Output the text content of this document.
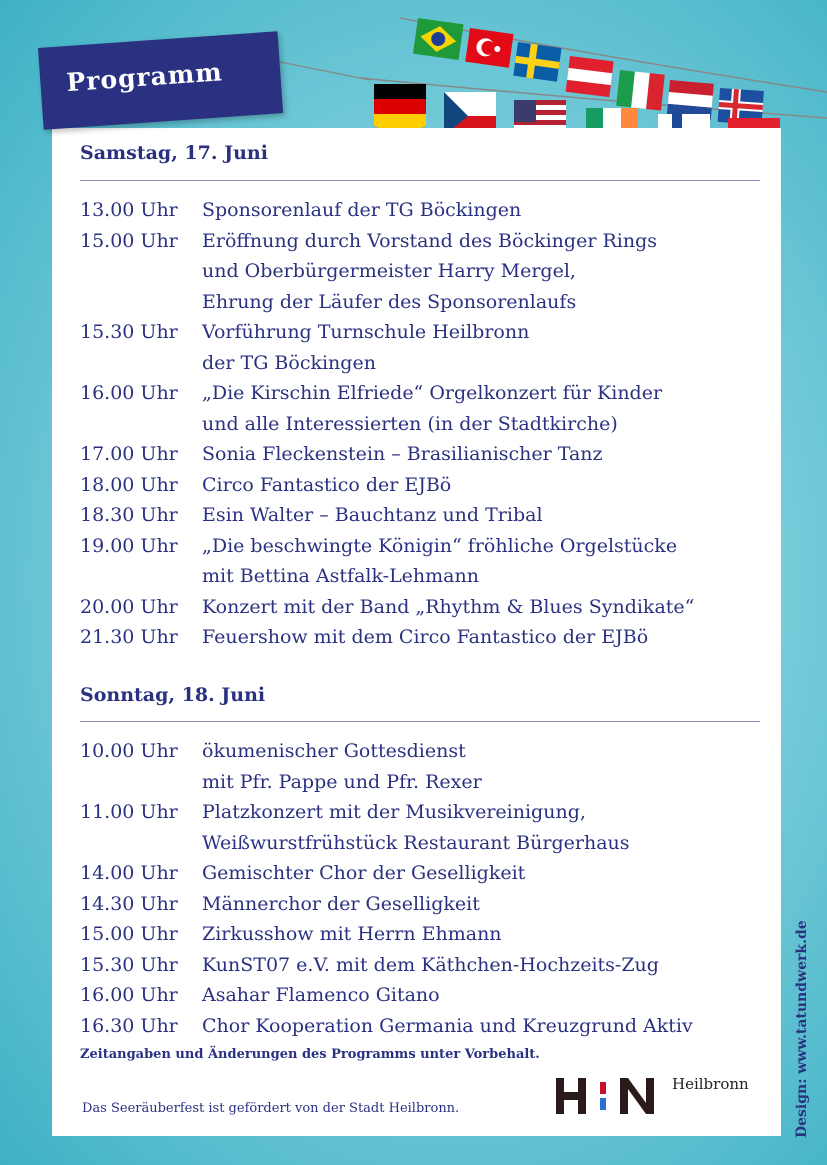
Programm
Samstag, 17. Juni
13.00 Uhr	Sponsorenlauf der TG Böckingen
15.00 Uhr	Eröffnung durch Vorstand des Böckinger Rings
und Oberbürgermeister Harry Mergel,
Ehrung der Läufer des Sponsorenlaufs
15.30 Uhr	Vorführung Turnschule Heilbronn
der TG Böckingen
16.00 Uhr	„Die Kirschin Elfriede“ Orgelkonzert für Kinder
und alle Interessierten (in der Stadtkirche)
17.00 Uhr	Sonia Fleckenstein – Brasilianischer Tanz
18.00 Uhr	Circo Fantastico der EJBö
18.30 Uhr	Esin Walter – Bauchtanz und Tribal
19.00 Uhr	„Die beschwingte Königin“ fröhliche Orgelstücke
mit Bettina Astfalk-Lehmann
20.00 Uhr	Konzert mit der Band „Rhythm & Blues Syndikate“
21.30 Uhr	Feuershow mit dem Circo Fantastico der EJBö
Sonntag, 18. Juni
10.00 Uhr	ökumenischer Gottesdienst
mit Pfr. Pappe und Pfr. Rexer
11.00 Uhr	Platzkonzert mit der Musikvereinigung,
Weißwurstfrühstück Restaurant Bürgerhaus
14.00 Uhr	Gemischter Chor der Geselligkeit
14.30 Uhr	Männerchor der Geselligkeit
15.00 Uhr	Zirkusshow mit Herrn Ehmann
15.30 Uhr	KunST07 e.V. mit dem Käthchen-Hochzeits-Zug
16.00 Uhr	Asahar Flamenco Gitano
16.30 Uhr	Chor Kooperation Germania und Kreuzgrund Aktiv
Zeitangaben und Änderungen des Programms unter Vorbehalt.
Das Seeräuberfest ist gefördert von der Stadt Heilbronn.
Heilbronn	Design: www.tatundwerk.de
